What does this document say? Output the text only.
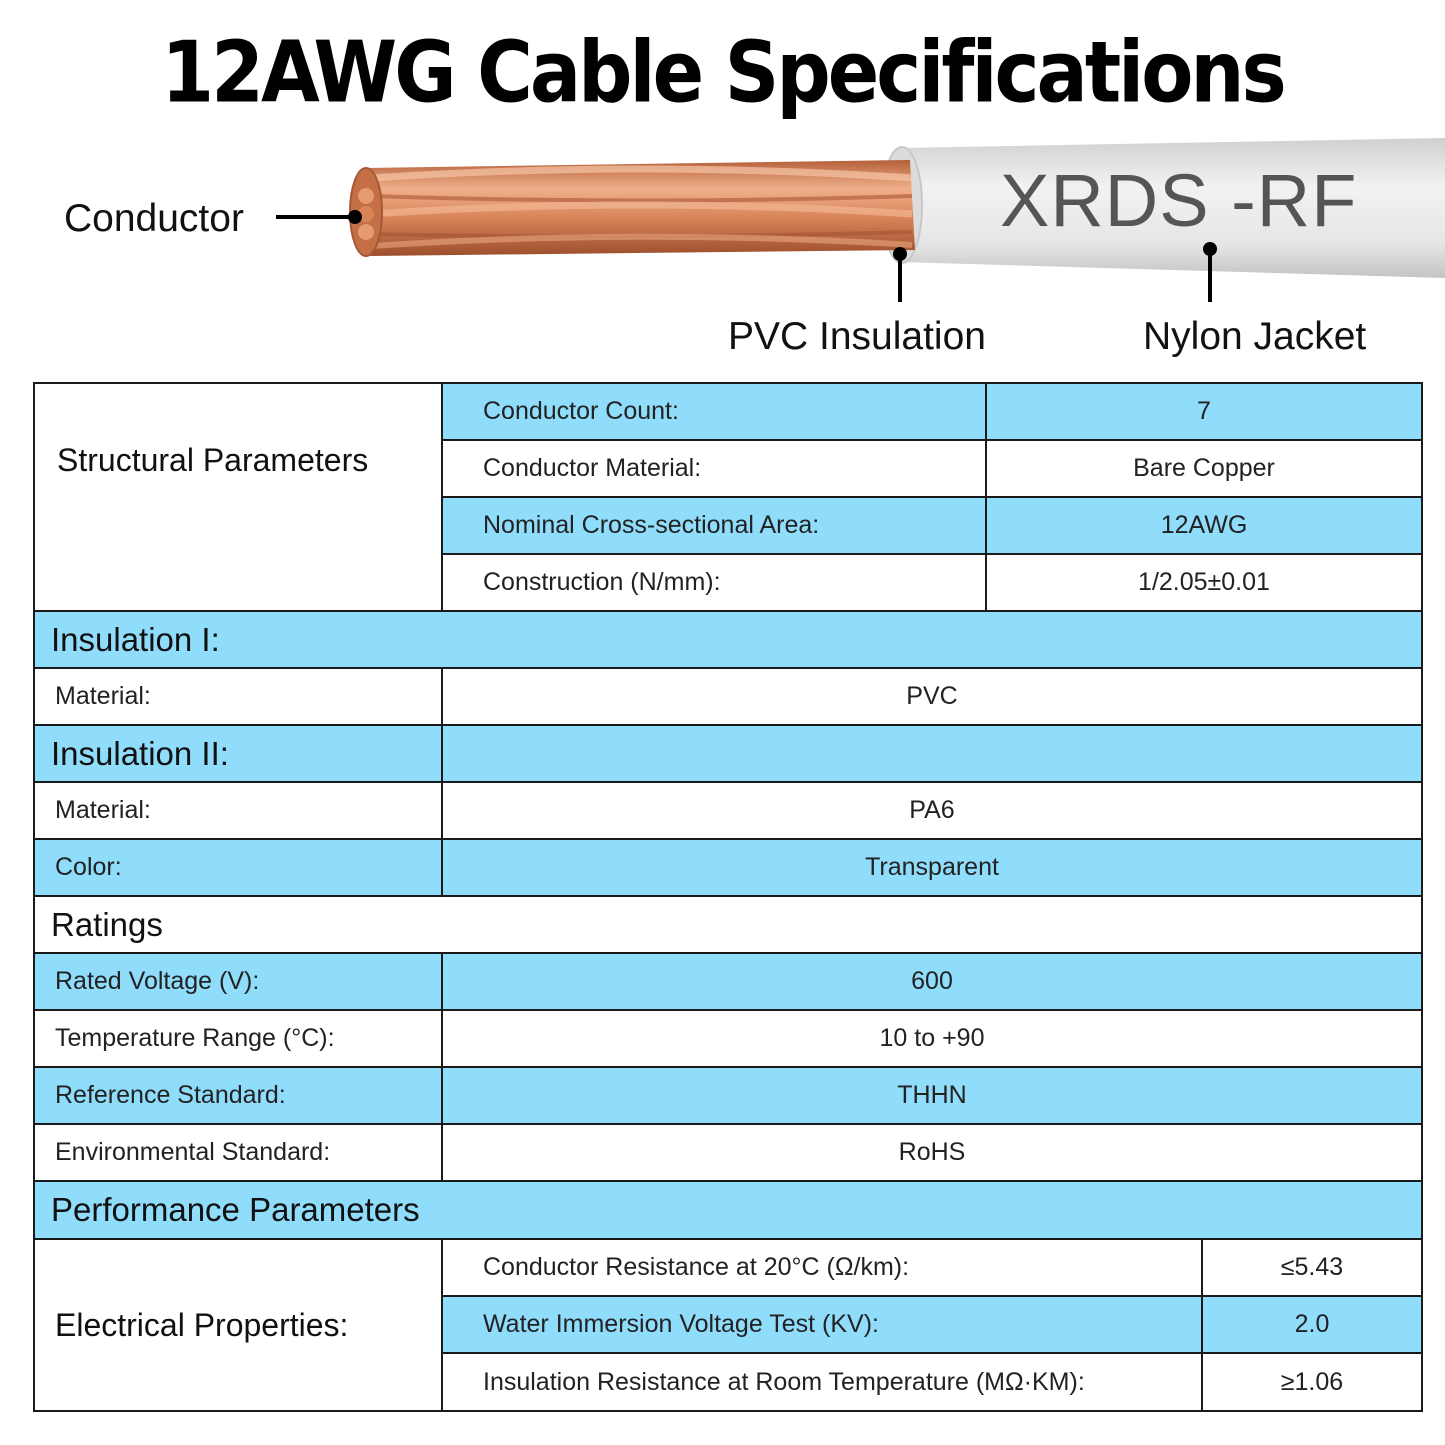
12AWG Cable Specifications
XRDS -RF
Conductor
PVC Insulation	Nylon Jacket
Structural Parameters	Conductor Count:	7	
	Conductor Material:	Bare Copper	
	Nominal Cross-sectional Area:	12AWG	
	Construction (N/mm):	1/2.05±0.01	
Insulation I:			
Material:	PVC		
Insulation II:			
Material:	PA6		
Color:	Transparent		
Ratings			
Rated Voltage (V):	600		
Temperature Range (°C):	10 to +90		
Reference Standard:	THHN		
Environmental Standard:	RoHS		
Performance Parameters			
Electrical Properties:	Conductor Resistance at 20°C (Ω/km):		≤5.43
	Water Immersion Voltage Test (KV):		2.0
	Insulation Resistance at Room Temperature (MΩ·KM):		≥1.06
